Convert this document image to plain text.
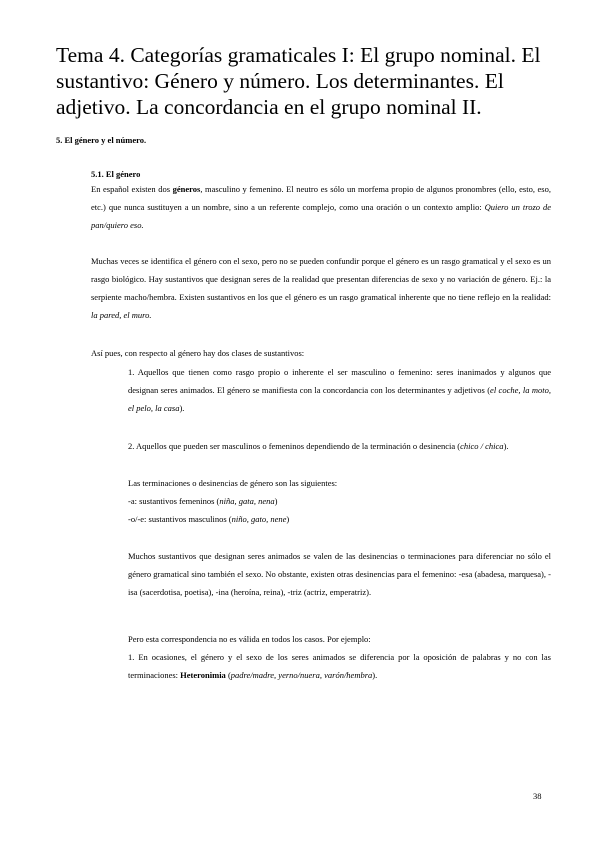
Tema 4. Categorías gramaticales I: El grupo nominal. El sustantivo: Género y número. Los determinantes. El adjetivo. La concordancia en el grupo nominal II.
5. El género y el número.
5.1. El género

En español existen dos géneros, masculino y femenino. El neutro es sólo un morfema propio de algunos pronombres (ello, esto, eso, etc.) que nunca sustituyen a un nombre, sino a un referente complejo, como una oración o un contexto amplio: Quiero un trozo de pan/quiero eso.

Muchas veces se identifica el género con el sexo, pero no se pueden confundir porque el género es un rasgo gramatical y el sexo es un rasgo biológico. Hay sustantivos que designan seres de la realidad que presentan diferencias de sexo y no variación de género. Ej.: la serpiente macho/hembra. Existen sustantivos en los que el género es un rasgo gramatical inherente que no tiene reflejo en la realidad: la pared, el muro.

Así pues, con respecto al género hay dos clases de sustantivos:

1. Aquellos que tienen como rasgo propio o inherente el ser masculino o femenino: seres inanimados y algunos que designan seres animados. El género se manifiesta con la concordancia con los determinantes y adjetivos (el coche, la moto, el pelo, la casa).

2. Aquellos que pueden ser masculinos o femeninos dependiendo de la terminación o desinencia (chico / chica).

Las terminaciones o desinencias de género son las siguientes:

-a: sustantivos femeninos (niña, gata, nena)

-o/-e: sustantivos masculinos (niño, gato, nene)

Muchos sustantivos que designan seres animados se valen de las desinencias o terminaciones para diferenciar no sólo el género gramatical sino también el sexo. No obstante, existen otras desinencias para el femenino: -esa (abadesa, marquesa), -isa (sacerdotisa, poetisa), -ina (heroína, reina), -triz (actriz, emperatriz).

Pero esta correspondencia no es válida en todos los casos. Por ejemplo:

1. En ocasiones, el género y el sexo de los seres animados se diferencia por la oposición de palabras y no con las terminaciones: Heteronimia (padre/madre, yerno/nuera, varón/hembra).

38
